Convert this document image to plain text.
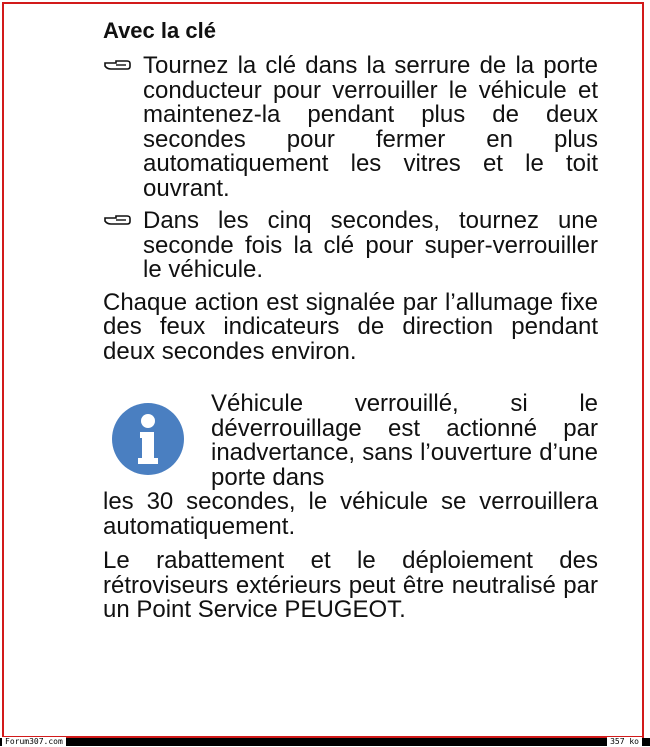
Avec la clé

Tournez la clé dans la serrure de la porte conducteur pour verrouiller le véhicule et maintenez-la pendant plus de deux secondes pour fermer en plus automatiquement les vitres et le toit ouvrant.

Dans les cinq secondes, tournez une seconde fois la clé pour super-verrouiller le véhicule.

Chaque action est signalée par l’allumage fixe des feux indicateurs de direction pendant deux secondes environ.

Véhicule verrouillé, si le déverrouillage est actionné par inadvertance, sans l’ouverture d’une porte dans

les 30 secondes, le véhicule se verrouillera automatiquement.

Le rabattement et le déploiement des rétroviseurs extérieurs peut être neutralisé par un Point Service PEUGEOT.

Forum307.com	357 ko
